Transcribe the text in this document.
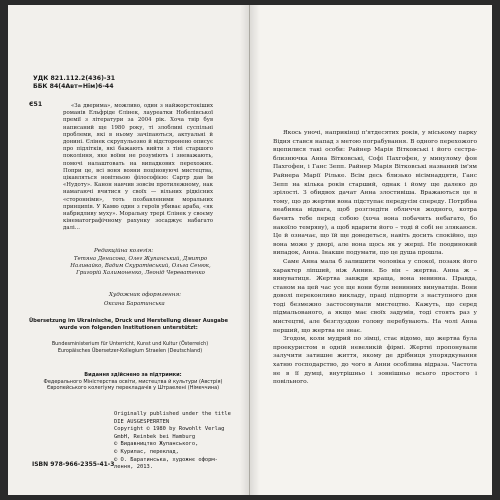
УДК 821.112.2(436)-31
ББК 84(4Авт=Нім)6-44
Є51	«За дверима», можливо, один з найжорстокіших романів Ельфріде Єлінек, лауреатки Нобелівської премії з літератури за 2004 рік. Хоча твір був написаний ще 1980 року, ті злобливі суспільні проблеми, які в ньому зачіпаються, актуальні й донині. Єлінек скрупульозно й відсторонено описує про підлітків, які бажають вийти з тіні старшого покоління, яке воїни не розуміють і зневажають, помочі налаштовать на випадкових перехожих. Попри це, всі воня вояни поціновуючі мистецтва, цікавляться новітньою філософією: Сартр дав їм «Нудоту». Канон навчив зовсім протилежному, нак намагаючі вчитися у своїх — вільних рідкісних «сторонніми», тоть позбавленими моральних принципів. У Камю один з героїв убиває араба, «як набридливу муху». Моральну трері Єлінек у своєму кінематографічному рахунку зосаджує набагато далі…

Редакційна колегія:

Тетяна Денисова, Олег Жупанський, Дмитро Наливайко, Вадим Скуратівський, Ольга Сенюк, Григорій Халимоненко, Леонід Череватенко

Художник оформлення:
Оксана Баратинська

Übersetzung im Ukrainische, Druck und Herstellung dieser Ausgabe wurde von folgenden Institutionen unterstützt:

Bundesministerium für Unterricht, Kunst und Kultur (Österreich)
Europäisches Übersetzer-Kollegium Straelen (Deutschland)
Видання здійснено за підтримки:
Федерального Міністерства освіти, мистецтва й культури (Австрія)
Європейського колегіуму перекладачів у Штраелені (Німеччина)
Originally published under the title
DIE AUSGESPERRTEN
Copyright © 1980 by Rowohlt Verlag
GmbH, Reinbek bei Hamburg
© Видавництво Жупанського,
© Курилас, переклад,
© О. Баратинська, художнє оформ-
лення, 2013.
ISBN 978-966-2355-41-3

Якось уночі, наприкінці п'ятдесятих років, у міському парку Відня стався напад з метою пограбування. В одного перехожого вцепилися такі особи: Райнер Марія Вітковські і його сестра-близнючка Анна Вітковські, Софі Пахгофен, у минулому фон Пахгофен, і Ганс Зепп. Райнер Марія Вітковські названий ім'ям Райнера Марії Рільке. Всім десь близько вісімнадцяти, Ганс Зепп на кілька років старший, однак і йому ще далеко до зрілості. З обидвох дачат Анна злостивіша. Вражаються це в тому, що до жертви вона підступає передусім спереду. Потрібна неабияка відвага, щоб розгледіти обличчя жодного, котра бачить тебе перед собою (хоча вона побачить небагато, бо накоїло темряву), а щоб вдарити його – тоді й собі не злякаюся. Це й означає, що їй ще доведеться, навіть досить спокійно, що вона може у дворі, але вона щось як у жерці. Не поодинокий випадок, Анна. Інакше подумати, що це душа прошла.

Саме Анна мала б залишити чоловіка у спокої, позаяк його характер ліпший, ніж Аннин. Бо він – жертва. Анна ж – винуватиця. Жертва завжди краща, вона невинна. Правда, станом на цей час усе ще вони були невинних винуватців. Вони доволі переконливо викладу, праці підпорти з наступного дня тоді безмежно застосовували мистецтво. Кажуть, що серед підмальованого, а якщо має своїх задумів, тоді стоять раз у мистецтві, але безглуздою голову перебувають. На чолі Анна перший, що жертва не знає.

Згодом, коли мудрий по зімці, стає відомо, що жертва була проекуристом в одній невеликій фірмі. Жертві пропонували залучити затишне життя, якому де дрібниця упорядкування хатню господарство, до чого в Анни особлива відраза. Частота не в її думці, внутрішньо і зовнішньо всього простого і повільного.
